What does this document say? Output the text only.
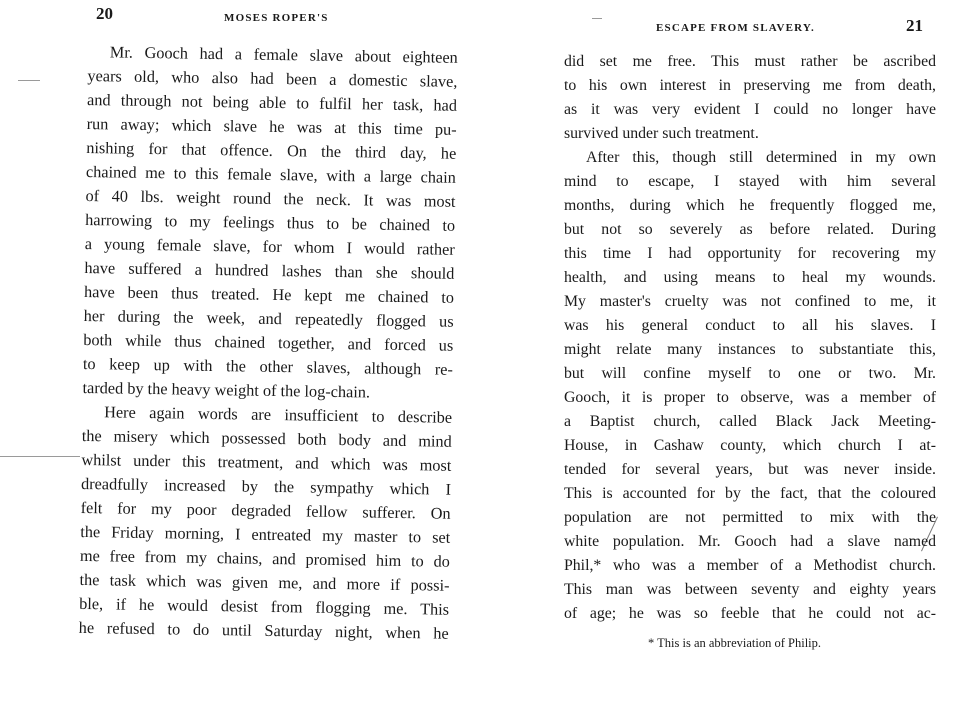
20	MOSES ROPER'S
Mr. Gooch had a female slave about eighteen
years old, who also had been a domestic slave,
and through not being able to fulfil her task, had
run away; which slave he was at this time pu-
nishing for that offence. On the third day, he
chained me to this female slave, with a large chain
of 40 lbs. weight round the neck. It was most
harrowing to my feelings thus to be chained to
a young female slave, for whom I would rather
have suffered a hundred lashes than she should
have been thus treated. He kept me chained to
her during the week, and repeatedly flogged us
both while thus chained together, and forced us
to keep up with the other slaves, although re-
tarded by the heavy weight of the log-chain.
Here again words are insufficient to describe
the misery which possessed both body and mind
whilst under this treatment, and which was most
dreadfully increased by the sympathy which I
felt for my poor degraded fellow sufferer. On
the Friday morning, I entreated my master to set
me free from my chains, and promised him to do
the task which was given me, and more if possi-
ble, if he would desist from flogging me. This
he refused to do until Saturday night, when he
ESCAPE FROM SLAVERY.	21
did set me free. This must rather be ascribed
to his own interest in preserving me from death,
as it was very evident I could no longer have
survived under such treatment.
After this, though still determined in my own
mind to escape, I stayed with him several
months, during which he frequently flogged me,
but not so severely as before related. During
this time I had opportunity for recovering my
health, and using means to heal my wounds.
My master's cruelty was not confined to me, it
was his general conduct to all his slaves. I
might relate many instances to substantiate this,
but will confine myself to one or two. Mr.
Gooch, it is proper to observe, was a member of
a Baptist church, called Black Jack Meeting-
House, in Cashaw county, which church I at-
tended for several years, but was never inside.
This is accounted for by the fact, that the coloured
population are not permitted to mix with the
white population. Mr. Gooch had a slave named
Phil,* who was a member of a Methodist church.
This man was between seventy and eighty years
of age; he was so feeble that he could not ac-
* This is an abbreviation of Philip.
